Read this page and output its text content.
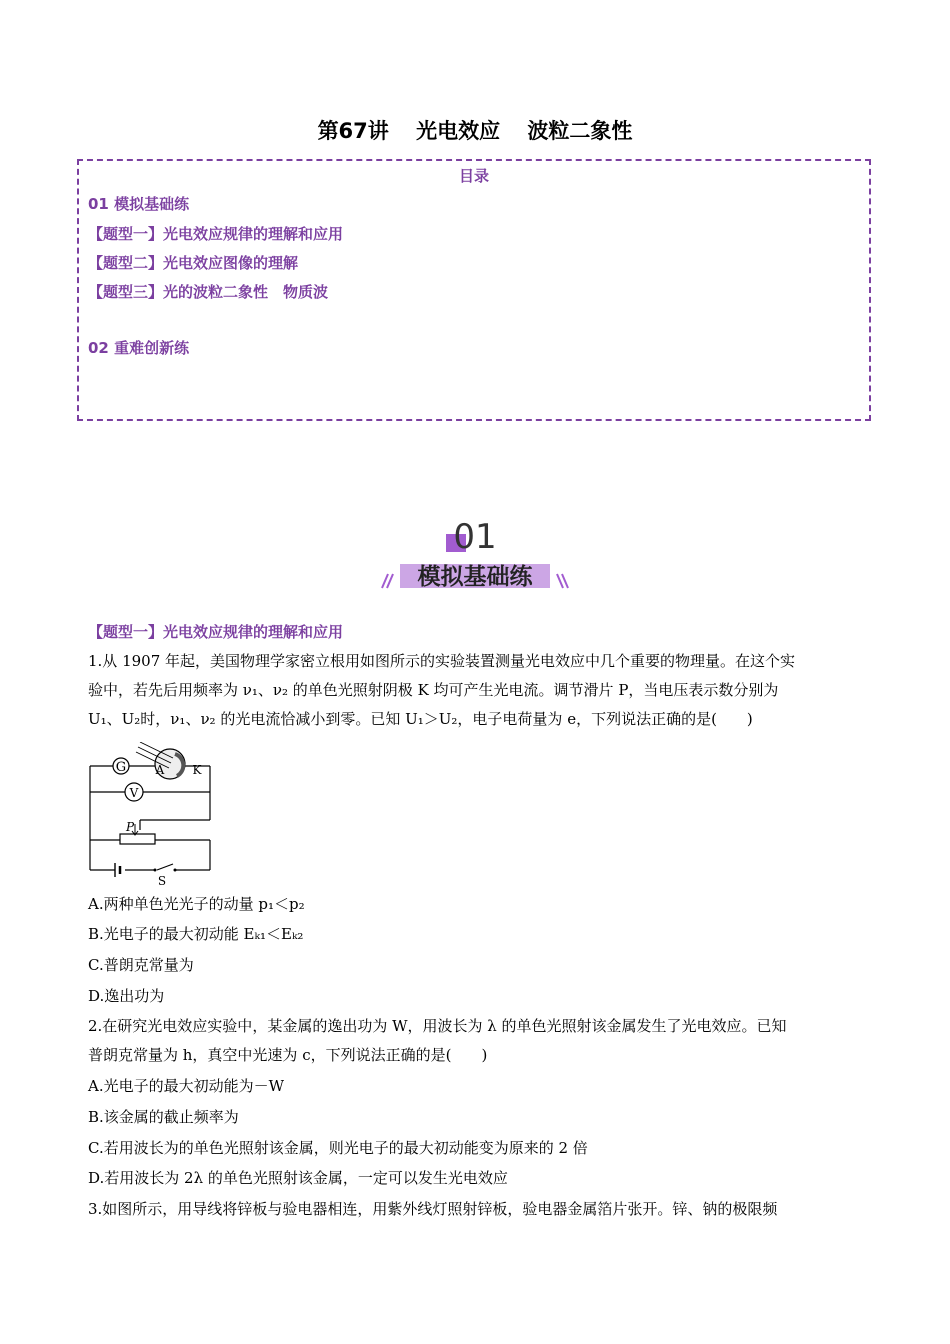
第67讲 光电效应 波粒二象性
目录
01 模拟基础练
【题型一】光电效应规律的理解和应用
【题型二】光电效应图像的理解
【题型三】光的波粒二象性　物质波
02 重难创新练
01
模拟基础练
【题型一】光电效应规律的理解和应用
1.从 1907 年起，美国物理学家密立根用如图所示的实验装置测量光电效应中几个重要的物理量。在这个实
验中，若先后用频率为 ν₁、ν₂ 的单色光照射阴极 K 均可产生光电流。调节滑片 P，当电压表示数分别为
U₁、U₂时，ν₁、ν₂ 的光电流恰减小到零。已知 U₁＞U₂，电子电荷量为 e，下列说法正确的是(　　)
G A K
V
P
S
A.两种单色光光子的动量 p₁＜p₂
B.光电子的最大初动能 Eₖ₁＜Eₖ₂
C.普朗克常量为
D.逸出功为
2.在研究光电效应实验中，某金属的逸出功为 W，用波长为 λ 的单色光照射该金属发生了光电效应。已知
普朗克常量为 h，真空中光速为 c，下列说法正确的是(　　)
A.光电子的最大初动能为－W
B.该金属的截止频率为
C.若用波长为的单色光照射该金属，则光电子的最大初动能变为原来的 2 倍
D.若用波长为 2λ 的单色光照射该金属，一定可以发生光电效应
3.如图所示，用导线将锌板与验电器相连，用紫外线灯照射锌板，验电器金属箔片张开。锌、钠的极限频
